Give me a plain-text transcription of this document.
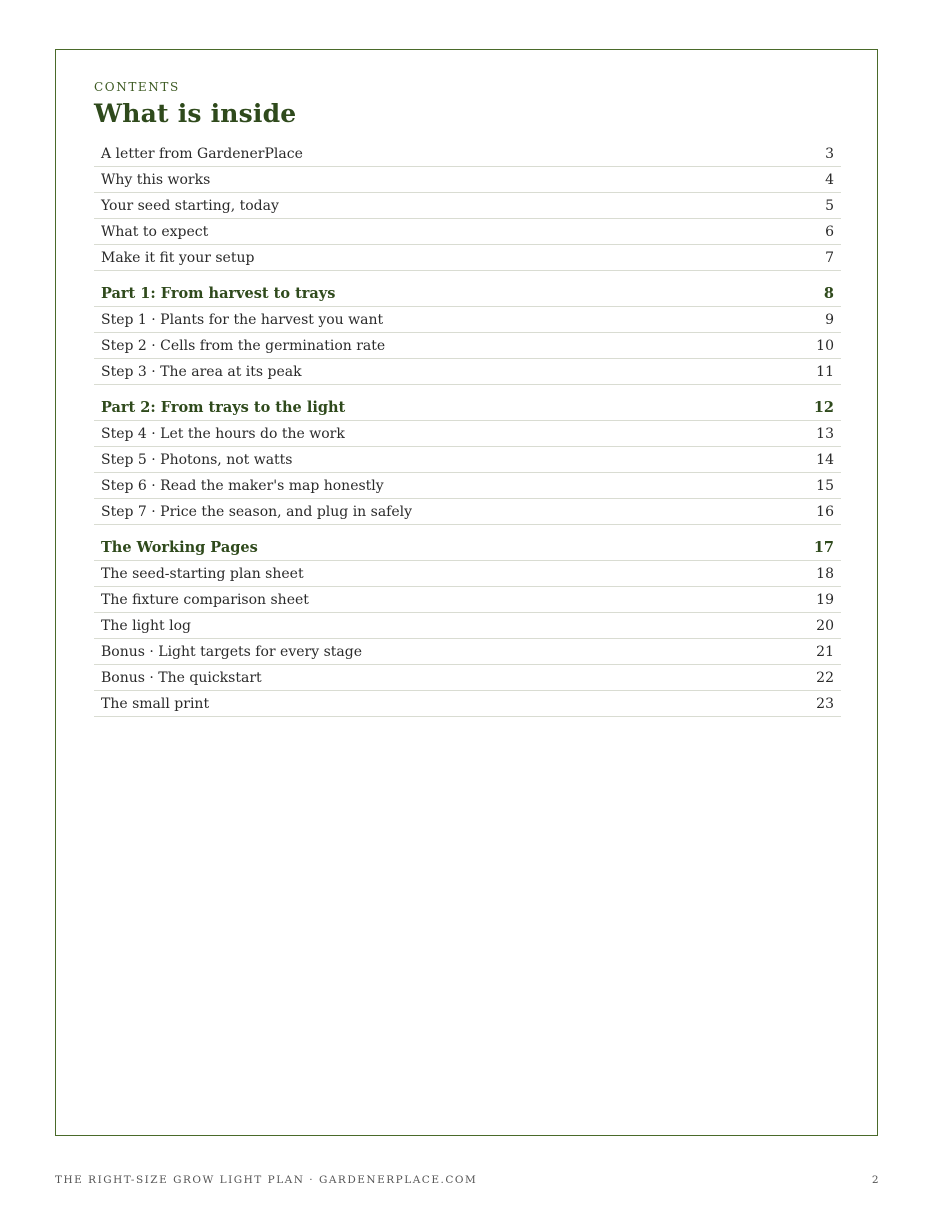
CONTENTS
What is inside
A letter from GardenerPlace	3
Why this works	4
Your seed starting, today	5
What to expect	6
Make it fit your setup	7
Part 1: From harvest to trays	8
Step 1 · Plants for the harvest you want	9
Step 2 · Cells from the germination rate	10
Step 3 · The area at its peak	11
Part 2: From trays to the light	12
Step 4 · Let the hours do the work	13
Step 5 · Photons, not watts	14
Step 6 · Read the maker's map honestly	15
Step 7 · Price the season, and plug in safely	16
The Working Pages	17
The seed-starting plan sheet	18
The fixture comparison sheet	19
The light log	20
Bonus · Light targets for every stage	21
Bonus · The quickstart	22
The small print	23
THE RIGHT-SIZE GROW LIGHT PLAN · GARDENERPLACE.COM	2
